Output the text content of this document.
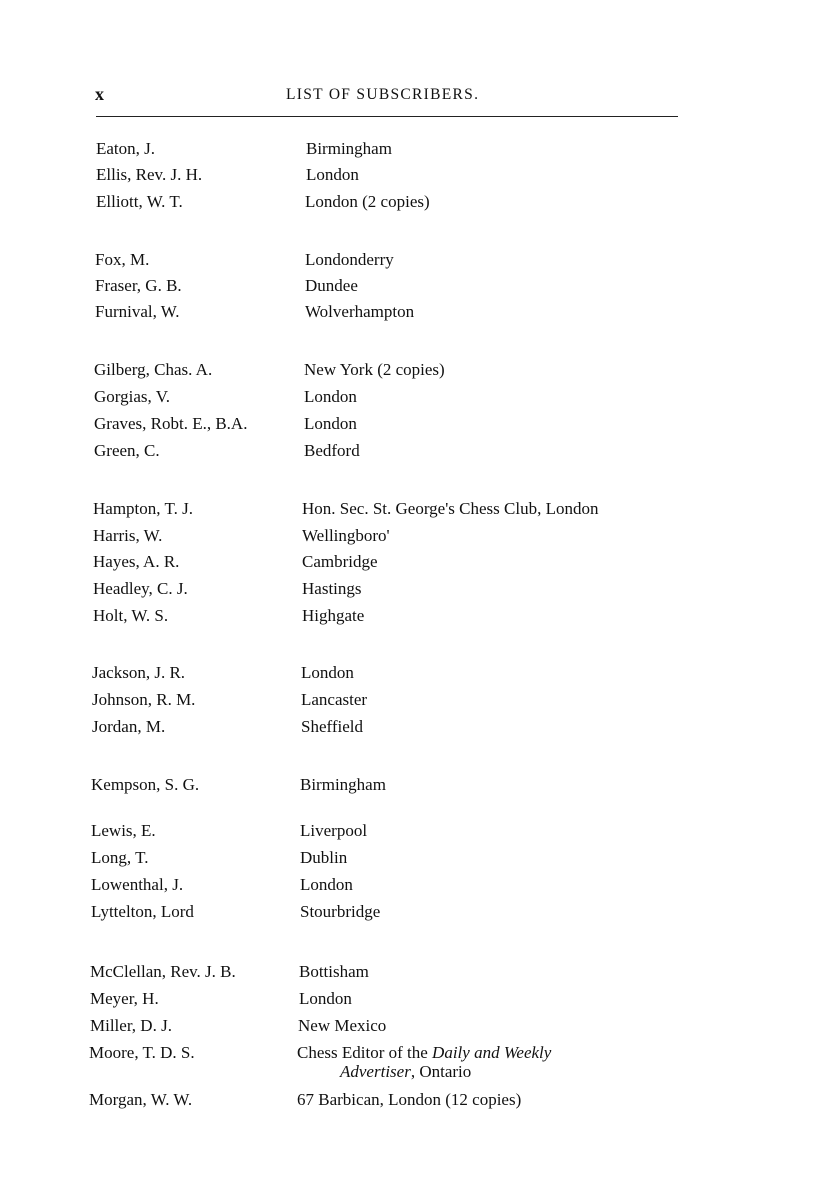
x	LIST OF SUBSCRIBERS.
Eaton, J.	Birmingham
Ellis, Rev. J. H.	London
Elliott, W. T.	London (2 copies)
Fox, M.	Londonderry
Fraser, G. B.	Dundee
Furnival, W.	Wolverhampton
Gilberg, Chas. A.	New York (2 copies)
Gorgias, V.	London
Graves, Robt. E., B.A.	London
Green, C.	Bedford
Hampton, T. J.	Hon. Sec. St. George's Chess Club, London
Harris, W.	Wellingboro'
Hayes, A. R.	Cambridge
Headley, C. J.	Hastings
Holt, W. S.	Highgate
Jackson, J. R.	London
Johnson, R. M.	Lancaster
Jordan, M.	Sheffield
Kempson, S. G.	Birmingham
Lewis, E.	Liverpool
Long, T.	Dublin
Lowenthal, J.	London
Lyttelton, Lord	Stourbridge
McClellan, Rev. J. B.	Bottisham
Meyer, H.	London
Miller, D. J.	New Mexico
Moore, T. D. S.	Chess Editor of the Daily and Weekly
Advertiser, Ontario
Morgan, W. W.	67 Barbican, London (12 copies)
